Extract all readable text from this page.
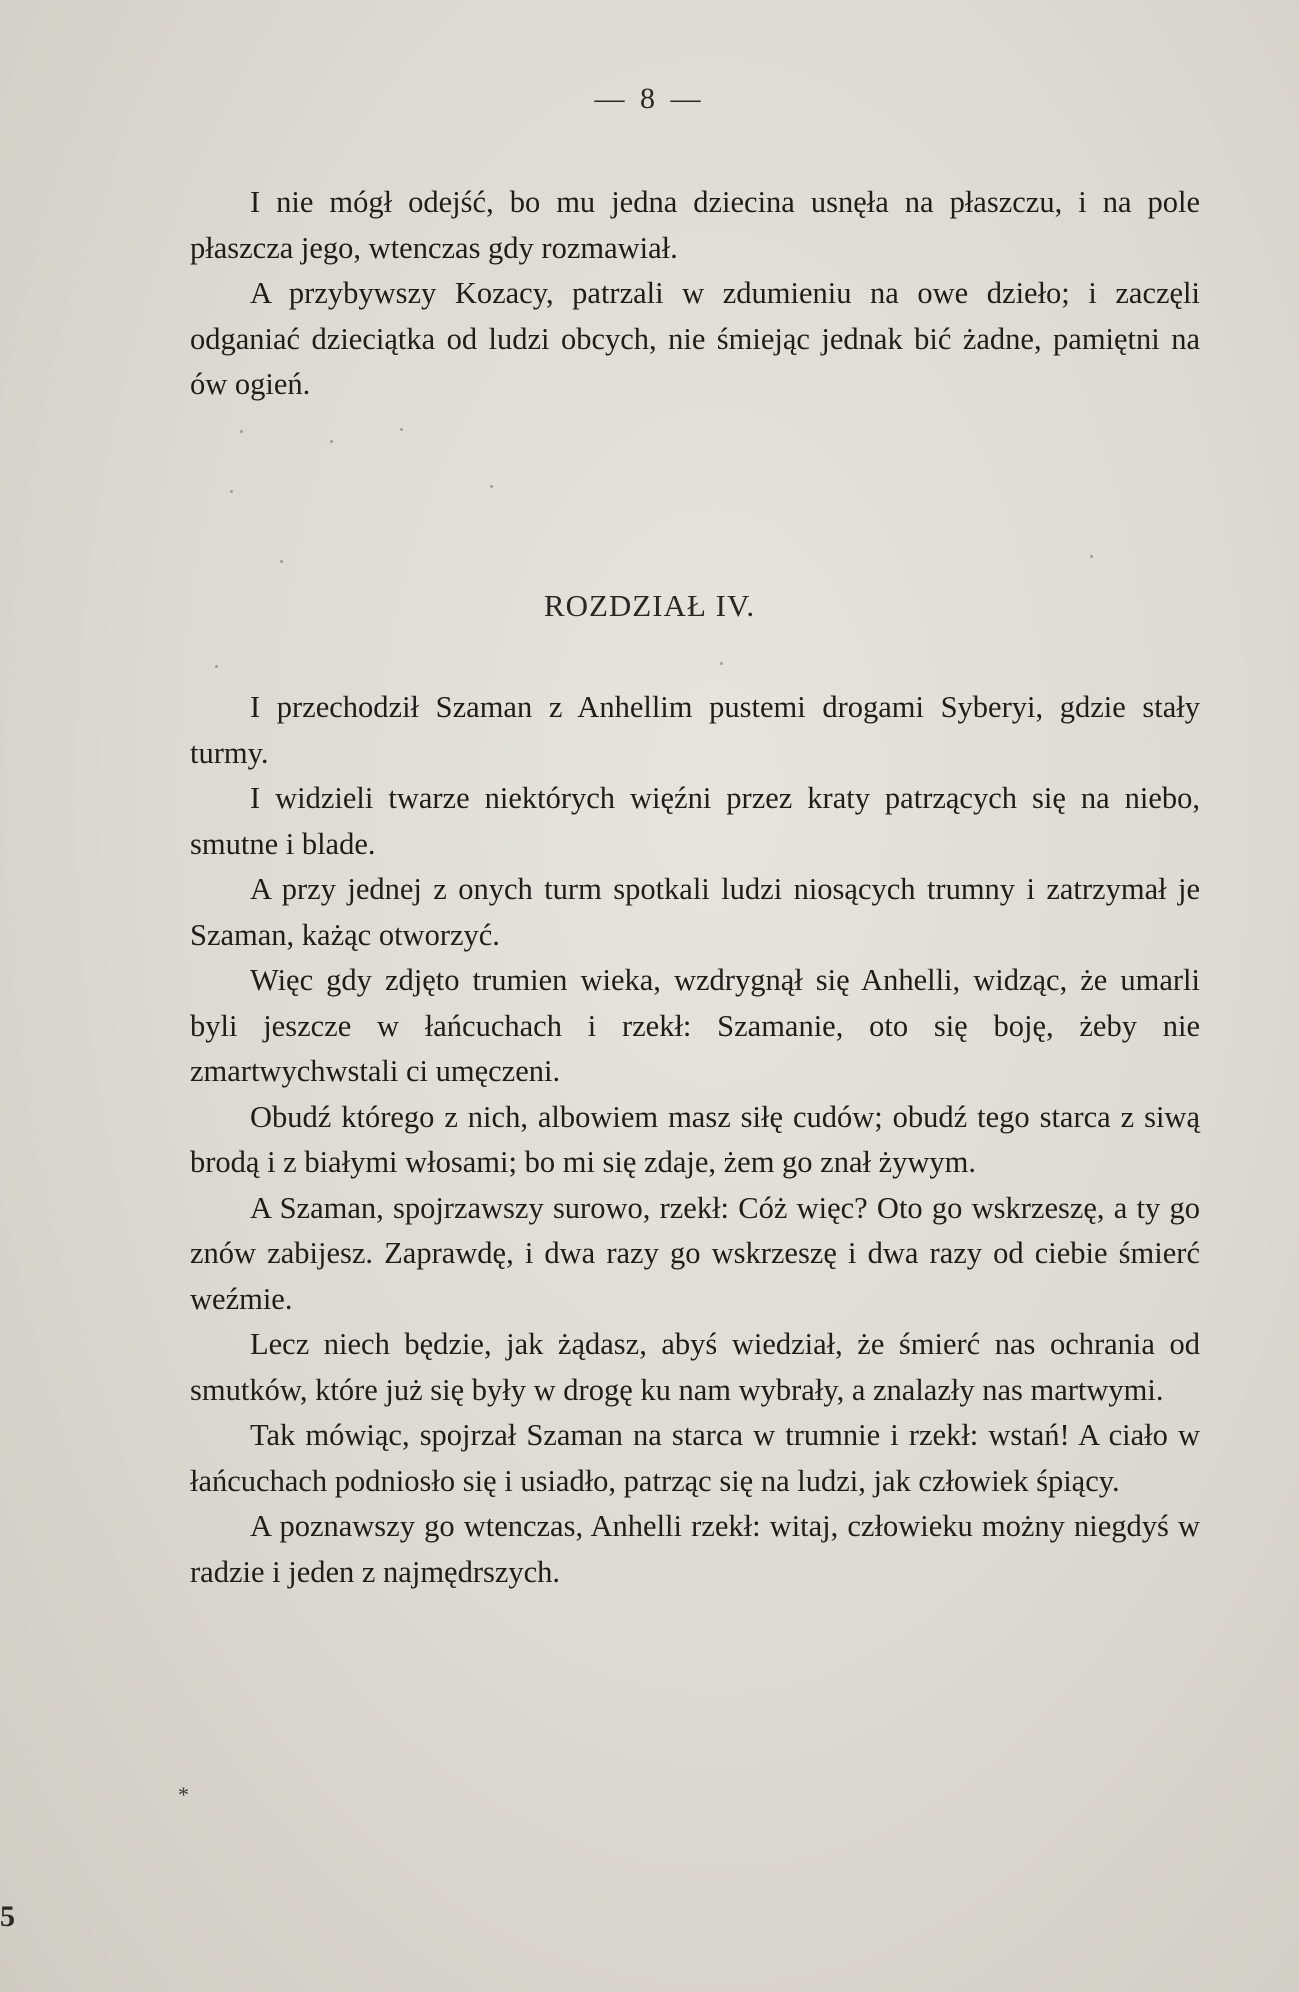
— 8 —

I nie mógł odejść, bo mu jedna dziecina usnęła na płaszczu, i na pole płaszcza jego, wtenczas gdy rozmawiał.

A przybywszy Kozacy, patrzali w zdumieniu na owe dzieło; i zaczęli odganiać dzieciątka od ludzi obcych, nie śmiejąc jednak bić żadne, pamiętni na ów ogień.

ROZDZIAŁ IV.

I przechodził Szaman z Anhellim pustemi drogami Syberyi, gdzie stały turmy.

I widzieli twarze niektórych więźni przez kraty patrzących się na niebo, smutne i blade.

A przy jednej z onych turm spotkali ludzi niosących trumny i zatrzymał je Szaman, każąc otworzyć.

Więc gdy zdjęto trumien wieka, wzdrygnął się Anhelli, widząc, że umarli byli jeszcze w łańcuchach i rzekł: Szamanie, oto się boję, żeby nie zmartwychwstali ci umęczeni.

Obudź którego z nich, albowiem masz siłę cudów; obudź tego starca z siwą brodą i z białymi włosami; bo mi się zdaje, żem go znał żywym.

A Szaman, spojrzawszy surowo, rzekł: Cóż więc? Oto go wskrzeszę, a ty go znów zabijesz. Zaprawdę, i dwa razy go wskrzeszę i dwa razy od ciebie śmierć weźmie.

Lecz niech będzie, jak żądasz, abyś wiedział, że śmierć nas ochrania od smutków, które już się były w drogę ku nam wybrały, a znalazły nas martwymi.

Tak mówiąc, spojrzał Szaman na starca w trumnie i rzekł: wstań! A ciało w łańcuchach podniosło się i usiadło, patrząc się na ludzi, jak człowiek śpiący.

A poznawszy go wtenczas, Anhelli rzekł: witaj, człowieku możny niegdyś w radzie i jeden z najmędrszych.

*
5
